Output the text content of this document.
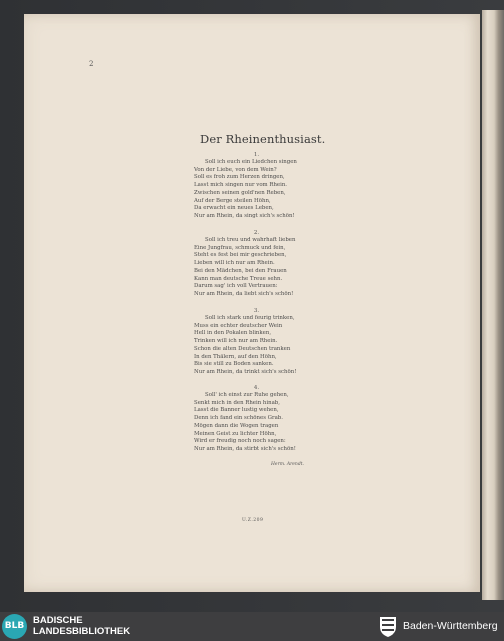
2
Der Rheinenthusiast.
1.
Soll ich euch ein Liedchen singen
Von der Liebe, von dem Wein?
Soll es froh zum Herzen dringen,
Lasst mich singen nur vom Rhein.
Zwischen seinen gold'nen Reben,
Auf der Berge steilen Höhn,
Da erwacht ein neues Leben,
Nur am Rhein, da singt sich's schön!
2.
Soll ich treu und wahrhaft lieben
Eine Jungfrau, schmuck und fein,
Steht es fest bei mir geschrieben,
Lieben will ich nur am Rhein.
Bei den Mädchen, bei den Frauen
Kann man deutsche Treue sehn.
Darum sag' ich voll Vertrauen:
Nur am Rhein, da liebt sich's schön!
3.
Soll ich stark und feurig trinken,
Muss ein echter deutscher Wein
Hell in den Pokalen blinken,
Trinken will ich nur am Rhein.
Schon die alten Deutschen tranken
In den Thälern, auf den Höhn,
Bis sie still zu Boden sanken.
Nur am Rhein, da trinkt sich's schön!
4.
Soll' ich einst zur Ruhe gehen,
Senkt mich in den Rhein hinab,
Lasst die Banner lustig wehen,
Denn ich fand ein schönes Grab.
Mögen dann die Wogen tragen
Meinen Geist zu lichter Höhn,
Wird er freudig noch noch sagen:
Nur am Rhein, da stirbt sich's schön!
Herm. Arendt.
U.Z.209
BLB BADISCHE
LANDESBIBLIOTHEK	Baden-Württemberg
